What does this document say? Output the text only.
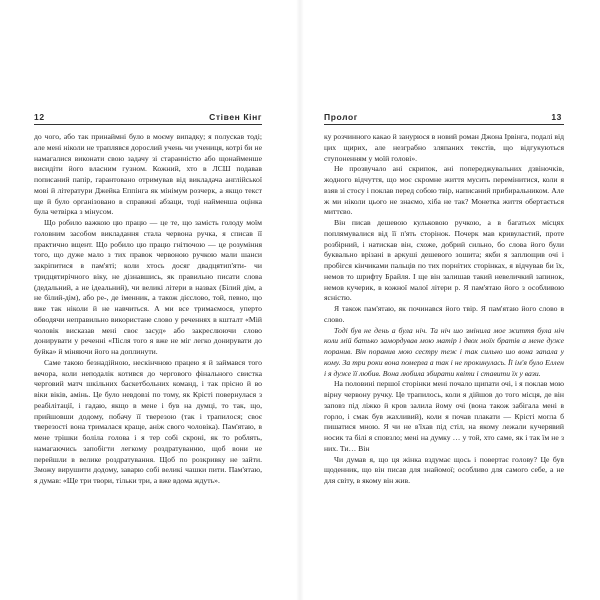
12	Стівен Кінг

до чого, або так принаймні було в моєму випадку; я полускав тоді; але мені ніколи не траплявся дорослий учень чи учениця, котрі би не намагалися виконати свою задачу зі старанністю або щонайменше висидіти його власним гузном. Кожний, хто в ЛСШ подавав пописаний папір, гарантовано отримував від викладача англійської мові й літератури Джейка Еппінга як мінімум розчерк, а якщо текст ще й було організовано в справжні абзаци, тоді найменша оцінка була четвірка з мінусом.

Що робило важкою цю працю — це те, що замість голоду моїм головним засобом викладання стала червона ручка, я списав її практично вщент. Що робило цю працю гнітючою — це розуміння того, що дуже мало з тих правок червоною ручкою мали шанси закріпитися в пам'яті; коли хтось досяг двадцятип'яти- чи тридцятирічного віку, не дізнавшись, як правильно писати слова (дедальний, а не ідеальний), чи великі літери в назвах (Білий дім, а не білий-дім), або ре-, де іменник, а також дієслово, той, певно, що вже так ніколи й не навчиться. А ми все тримаємося, уперто обводячи неправильно використане слово у реченнях в кшталт «Мій чоловік висказав мені своє засуд» або закреслюючи слово донирувати у реченні «Після того я вже не міг легко донирувати до буйка» й міняючи його на доплинути.

Саме такою безнадійною, нескінчною працею я й займався того вечора, коли неподалік котився до чергового фінального свистка черговий матч шкільних баскетбольних команд, і так прісно й во віки віків, амінь. Це було невдовзі по тому, як Крісті повернулася з реабілітації, і гадаю, якщо в мене і був на думці, то так, що, прийшовши додому, побачу її тверезою (так і трапилося; своє тверезості вона трималася краще, аніж свого чоловіка). Пам'ятаю, в мене трішки боліла голова і я тер собі скроні, як то роблять, намагаючись запобігти легкому роздратуванню, щоб вони не перейшли в велике роздратування. Щоб по розкривку не зайти. Зможу вирушити додому, заварю собі великі чашки пити. Пам'ятаю, я думав: «Ще три твори, тільки три, а вже вдома ждуть».

Пролог	13

ку розчинного какао й занурюся в новий роман Джона Ірвінга, подалі від цих щирих, але незграбно зляпаних текстів, що відгукуються ступоненням у моїй голові».

Не прозвучало ані скрипок, ані попереджувальних дзвіночків, жодного відчуття, що моє скромне життя мусить перемінитися, коли я взяв зі стосу і поклав перед собою твір, написаний прибиральником. Але ж ми ніколи цього не знаємо, хіба не так? Монетка життя обертається миттєво.

Він писав дешевою кульковою ручкою, а в багатьох місцях поплямувалися від її п'ять сторінок. Почерк мав кривуластий, проте розбірний, і натискав він, схоже, добрий сильно, бо слова його були буквально врізані в аркуші дешевого зошита; якби я заплющив очі і пробігся кінчиками пальців по тих порнітих сторінках, я відчував би їх, немов то шрифту Брайля. І ще він залишав такий невеличкий запинок, немов кучерик, в кожної малої літери р. Я пам'ятаю його з особливою ясністю.

Я також пам'ятаю, як починався його твір. Я пам'ятаю його слово в слово.

Тоді був не день а була ніч. Та ніч шо змінила мое життя була ніч коли мій батько замордував мою матір і двох моїх братів а мене дуже поранив. Він поранив мою сестру теж і так сильно шо вона запала у кому. За три роки вона померла а так і не прокинулась. Її ім'я було Еллен і я дуже її любив. Вона любила збирати квіти і ставити їх у вази.

На половині першої сторінки мені почало щипати очі, і я поклав мою вірну червону ручку. Це трапилось, коли я дійшов до того місця, де він заповз під ліжко й кров залила йому очі (вона також забігала мені в горло, і смак був жахливий), коли я почав плакати — Крісті могла б пишатися мною. Я чи не в'їхав під стіл, на якому лежали кучерявий носик та білі я сповзло; мені на думку … у той, хто саме, як і так їм не з них. Ти… Він

Чи думав я, що ця жінка вздумає щось і повертає голову? Це був щоденник, що він писав для знайомої; особливо для самого себе, а не для світу, в якому він жив.
